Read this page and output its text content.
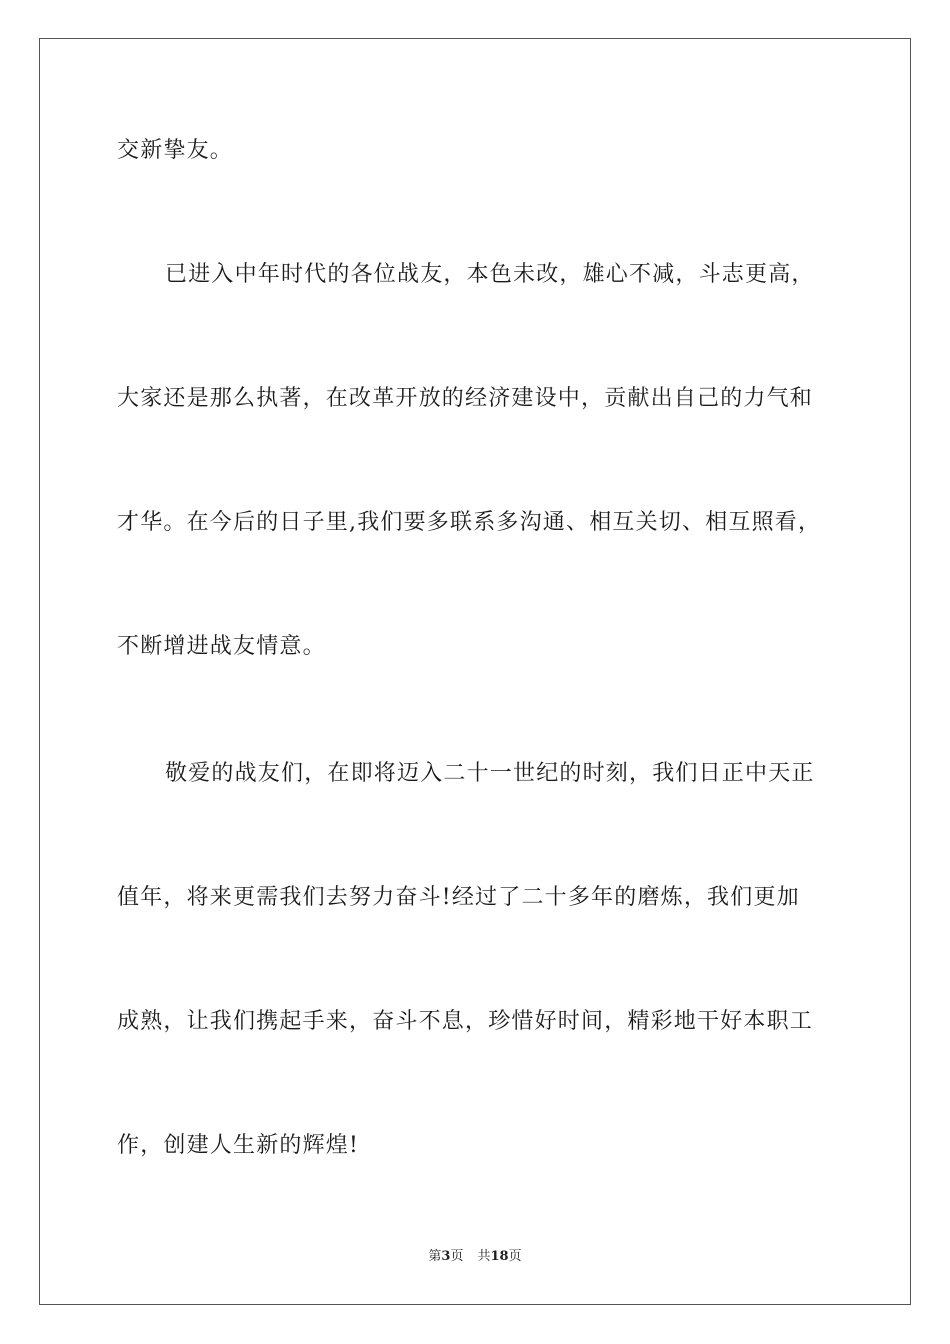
交新挚友。
已进入中年时代的各位战友，本色未改，雄心不减，斗志更高，
大家还是那么执著，在改革开放的经济建设中，贡献出自己的力气和
才华。在今后的日子里,我们要多联系多沟通、相互关切、相互照看，
不断增进战友情意。
敬爱的战友们，在即将迈入二十一世纪的时刻，我们日正中天正
值年，将来更需我们去努力奋斗!经过了二十多年的磨炼，我们更加
成熟，让我们携起手来，奋斗不息，珍惜好时间，精彩地干好本职工
作，创建人生新的辉煌!
第3页 共18页
